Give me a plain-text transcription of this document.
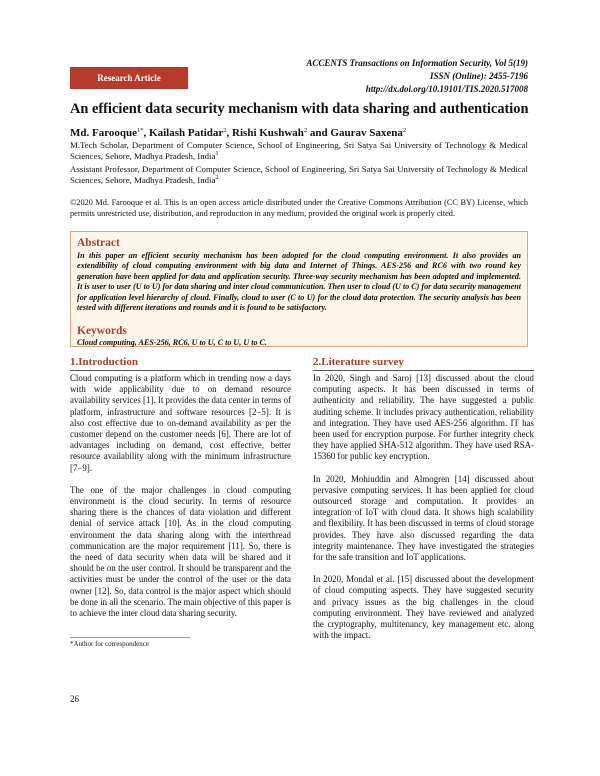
Research Article
ACCENTS Transactions on Information Security, Vol 5(19)
ISSN (Online): 2455-7196
http://dx.doi.org/10.19101/TIS.2020.517008
An efficient data security mechanism with data sharing and authentication
Md. Farooque$^{1*}$, Kailash Patidar$^2$, Rishi Kushwah$^2$ and Gaurav Saxena$^2$
M.Tech Scholar, Department of Computer Science, School of Engineering, Sri Satya Sai University of Technology & Medical Sciences, Sehore, Madhya Pradesh, India$^1$
Assistant Professor, Department of Computer Science, School of Engineering, Sri Satya Sai University of Technology & Medical Sciences, Sehore, Madhya Pradesh, India$^2$
©2020 Md. Farooque et al. This is an open access article distributed under the Creative Commons Attribution (CC BY) License, which permits unrestricted use, distribution, and reproduction in any medium, provided the original work is properly cited.
Abstract
In this paper an efficient security mechanism has been adopted for the cloud computing environment. It also provides an extendibility of cloud computing environment with big data and Internet of Things. AES-256 and RC6 with two round key generation have been applied for data and application security. Three-way security mechanism has been adopted and implemented. It is user to user (U to U) for data sharing and inter cloud communication. Then user to cloud (U to C) for data security management for application level hierarchy of cloud. Finally, cloud to user (C to U) for the cloud data protection. The security analysis has been tested with different iterations and rounds and it is found to be satisfactory.
Keywords
Cloud computing, AES-256, RC6, U to U, C to U, U to C.
1.Introduction

Cloud computing is a platform which in trending now a days with wide applicability due to on demand resource availability services [1]. It provides the data center in terms of platform, infrastructure and software resources [2−5]. It is also cost effective due to on-demand availability as per the customer depend on the customer needs [6]. There are lot of advantages including on demand, cost effective, better resource availability along with the minimum infrastructure [7−9].

The one of the major challenges in cloud computing environment is the cloud security. In terms of resource sharing there is the chances of data violation and different denial of service attack [10]. As in the cloud computing environment the data sharing along with the interthread communication are the major requirement [11]. So, there is the need of data security when data will be shared and it should be on the user control. It should be transparent and the activities must be under the control of the user or the data owner [12]. So, data control is the major aspect which should be done in all the scenario. The main objective of this paper is to achieve the inter cloud data sharing security.

2.Literature survey

In 2020, Singh and Saroj [13] discussed about the cloud computing aspects. It has been discussed in terms of authenticity and reliability. The have suggested a public auditing scheme. It includes privacy authentication, reliability and integration. They have used AES-256 algorithm. IT has been used for encryption purpose. For further integrity check they have applied SHA-512 algorithm. They have used RSA-15360 for public key encryption.

In 2020, Mohiuddin and Almogren [14] discussed about pervasive computing services. It has been applied for cloud outsourced storage and computation. It provides an integration of IoT with cloud data. It shows high scalability and flexibility. It has been discussed in terms of cloud storage provides. They have also discussed regarding the data integrity maintenance. They have investigated the strategies for the safe transition and IoT applications.

In 2020, Mondal et al. [15] discussed about the development of cloud computing aspects. They have suggested security and privacy issues as the big challenges in the cloud computing environment. They have reviewed and analyzed the cryptography, multitenancy, key management etc. along with the impact.

*Author for correspondence
26
